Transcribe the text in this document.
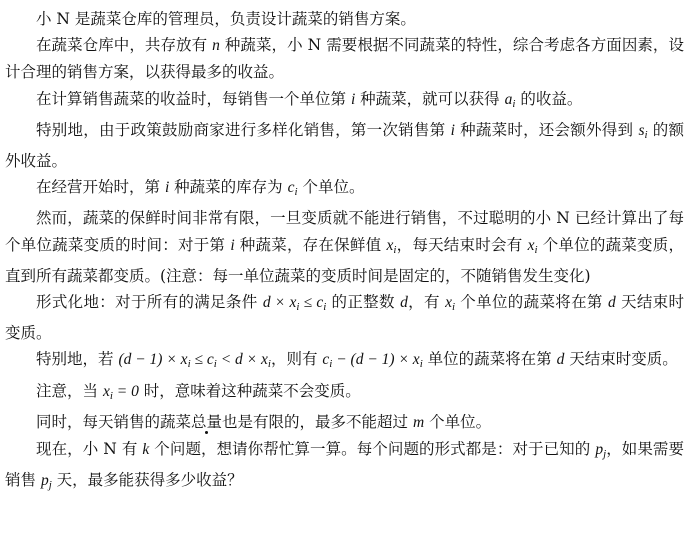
小 N 是蔬菜仓库的管理员，负责设计蔬菜的销售方案。

在蔬菜仓库中，共存放有 n 种蔬菜，小 N 需要根据不同蔬菜的特性，综合考虑各方面因素，设计合理的销售方案，以获得最多的收益。

在计算销售蔬菜的收益时，每销售一个单位第 i 种蔬菜，就可以获得 $a_i$ 的收益。

特别地，由于政策鼓励商家进行多样化销售，第一次销售第 i 种蔬菜时，还会额外得到 $s_i$ 的额外收益。

在经营开始时，第 i 种蔬菜的库存为 $c_i$ 个单位。

然而，蔬菜的保鲜时间非常有限，一旦变质就不能进行销售，不过聪明的小 N 已经计算出了每个单位蔬菜变质的时间：对于第 i 种蔬菜，存在保鲜值 $x_i$，每天结束时会有 $x_i$ 个单位的蔬菜变质，直到所有蔬菜都变质。(注意：每一单位蔬菜的变质时间是固定的，不随销售发生变化)

形式化地：对于所有的满足条件 $d \times x_i \le c_i$ 的正整数 d，有 $x_i$ 个单位的蔬菜将在第 d 天结束时变质。

特别地，若 $(d - 1) \times x_i \le c_i < d \times x_i$，则有 $c_i - (d - 1) \times x_i$ 单位的蔬菜将在第 d 天结束时变质。

注意，当 $x_i = 0$ 时，意味着这种蔬菜不会变质。

同时，每天销售的蔬菜总量也是有限的，最多不能超过 m 个单位。

现在，小 N 有 k 个问题，想请你帮忙算一算。每个问题的形式都是：对于已知的 $p_j$，如果需要销售 $p_j$ 天，最多能获得多少收益？
